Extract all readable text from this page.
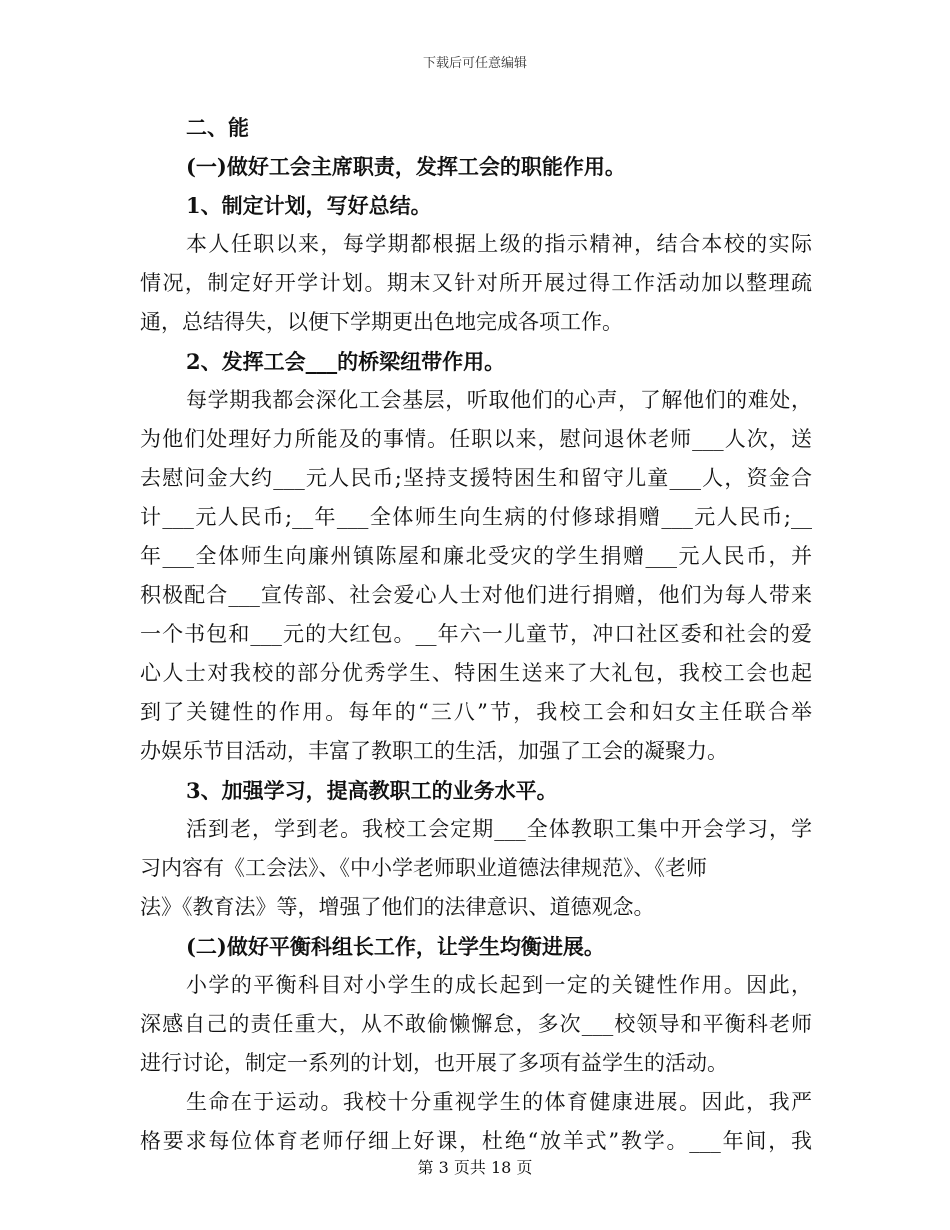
下载后可任意编辑
二、能
(一)做好工会主席职责，发挥工会的职能作用。
1、制定计划，写好总结。
本人任职以来，每学期都根据上级的指示精神，结合本校的实际
情况，制定好开学计划。期末又针对所开展过得工作活动加以整理疏
通，总结得失，以便下学期更出色地完成各项工作。
2、发挥工会___的桥梁纽带作用。
每学期我都会深化工会基层，听取他们的心声，了解他们的难处，
为他们处理好力所能及的事情。任职以来，慰问退休老师___人次，送
去慰问金大约___元人民币;坚持支援特困生和留守儿童___人，资金合
计___元人民币;__年___全体师生向生病的付修球捐赠___元人民币;__
年___全体师生向廉州镇陈屋和廉北受灾的学生捐赠___元人民币，并
积极配合___宣传部、社会爱心人士对他们进行捐赠，他们为每人带来
一个书包和___元的大红包。__年六一儿童节，冲口社区委和社会的爱
心人士对我校的部分优秀学生、特困生送来了大礼包，我校工会也起
到了关键性的作用。每年的“三八”节，我校工会和妇女主任联合举
办娱乐节目活动，丰富了教职工的生活，加强了工会的凝聚力。
3、加强学习，提高教职工的业务水平。
活到老，学到老。我校工会定期___全体教职工集中开会学习，学
习内容有《工会法》、《中小学老师职业道德法律规范》、《老师
法》《教育法》等，增强了他们的法律意识、道德观念。
(二)做好平衡科组长工作，让学生均衡进展。
小学的平衡科目对小学生的成长起到一定的关键性作用。因此，
深感自己的责任重大，从不敢偷懒懈怠，多次___校领导和平衡科老师
进行讨论，制定一系列的计划，也开展了多项有益学生的活动。
生命在于运动。我校十分重视学生的体育健康进展。因此，我严
格要求每位体育老师仔细上好课，杜绝“放羊式”教学。___年间，我
第 3 页共 18 页
